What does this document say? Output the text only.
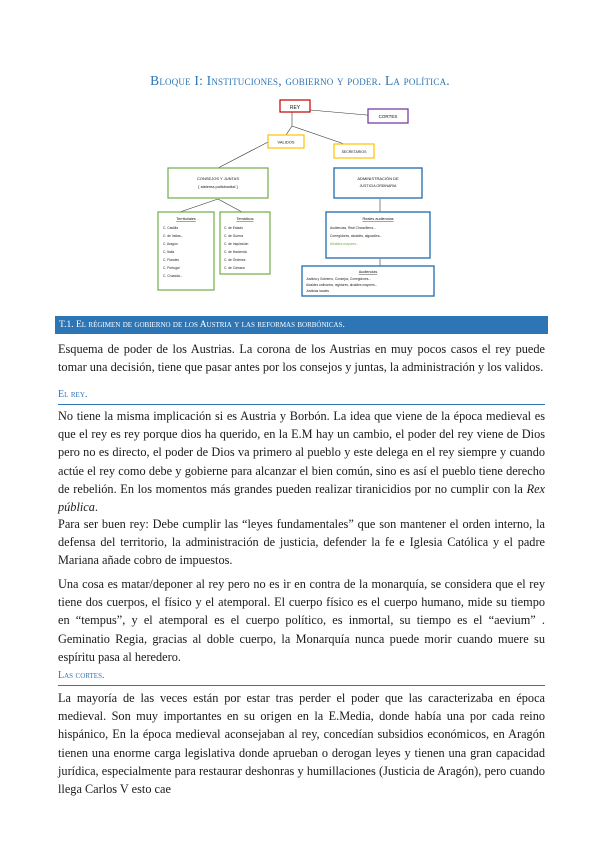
Bloque I: Instituciones, gobierno y poder. La política.
REY
CORTES
VALIDOS
SECRETARIOS
CONSEJOS Y JUNTAS
[ sistema polisinodial ]
ADMINISTRACIÓN DE
JUSTICIA ORDINARIA
Territoriales
C. Castilla
C. de Indias...
C. Aragón
C. Italia
C. Flandes
C. Portugal
C. Cruzada...
Temáticos
C. de Estado
C. de Guerra
C. de Inquisición
C. de Hacienda
C. de Órdenes
C. de Cámara
Reales audiencias
Audiencias, Real Chancillería...
Corregidores, alcaldes, alguaciles...
Alcaldes mayores...
Audiencias
Justicia y Gobierno, Consejos, Corregidores...
Alcaldes ordinarios, regidores, alcaldes mayores...
Justicias locales
T.1. El régimen de gobierno de los Austria y las reformas borbónicas.

Esquema de poder de los Austrias. La corona de los Austrias en muy pocos casos el rey puede tomar una decisión, tiene que pasar antes por los consejos y juntas, la administración y los validos.

El rey.

No tiene la misma implicación si es Austria y Borbón. La idea que viene de la época medieval es que el rey es rey porque dios ha querido, en la E.M hay un cambio, el poder del rey viene de Dios pero no es directo, el poder de Dios va primero al pueblo y este delega en el rey siempre y cuando actúe el rey como debe y gobierne para alcanzar el bien común, sino es así el pueblo tiene derecho de rebelión. En los momentos más grandes pueden realizar tiranicidios por no cumplir con la Rex pública.

Para ser buen rey: Debe cumplir las “leyes fundamentales” que son mantener el orden interno, la defensa del territorio, la administración de justicia, defender la fe e Iglesia Católica y el padre Mariana añade cobro de impuestos.

Una cosa es matar/deponer al rey pero no es ir en contra de la monarquía, se considera que el rey tiene dos cuerpos, el físico y el atemporal. El cuerpo físico es el cuerpo humano, mide su tiempo en “tempus”, y el atemporal es el cuerpo político, es inmortal, su tiempo es el “aevium” . Geminatio Regia, gracias al doble cuerpo, la Monarquía nunca puede morir cuando muere su espíritu pasa al heredero.

Las cortes.

La mayoría de las veces están por estar tras perder el poder que las caracterizaba en época medieval. Son muy importantes en su origen en la E.Media, donde había una por cada reino hispánico, En la época medieval aconsejaban al rey, concedían subsidios económicos, en Aragón tienen una enorme carga legislativa donde aprueban o derogan leyes y tienen una gran capacidad jurídica, especialmente para restaurar deshonras y humillaciones (Justicia de Aragón), pero cuando llega Carlos V esto cae
